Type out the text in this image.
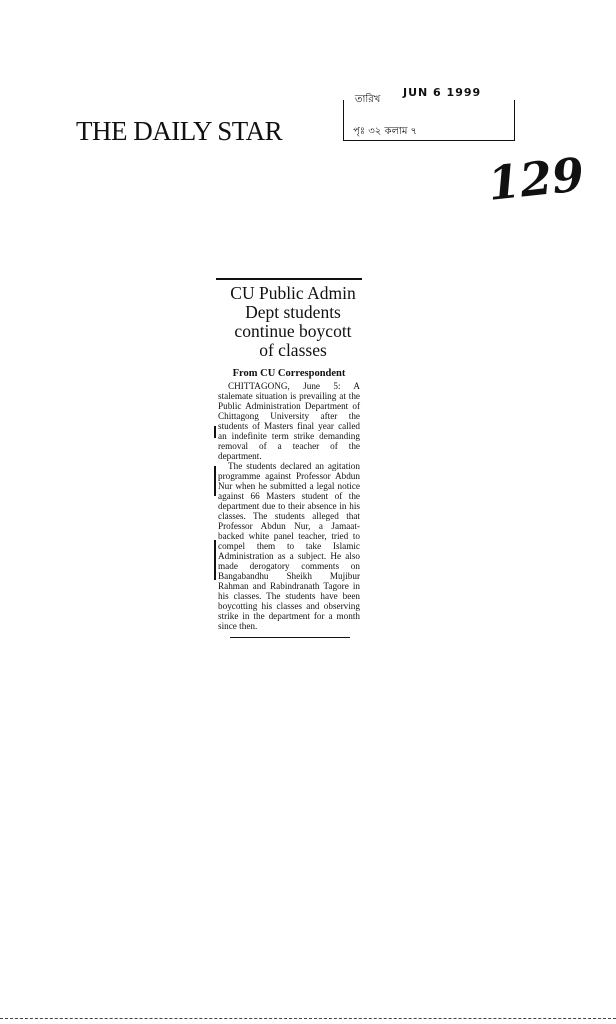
THE DAILY STAR
তারিখ
JUN 6 1999
পৃঃ ৩২ কলাম ৭
129
CU Public Admin
Dept students
continue boycott
of classes
From CU Correspondent

CHITTAGONG, June 5: A stalemate situation is prevailing at the Public Administration Department of Chittagong University after the students of Masters final year called an indefinite term strike demanding removal of a teacher of the department.

The students declared an agitation programme against Professor Abdun Nur when he submitted a legal notice against 66 Masters student of the department due to their absence in his classes. The students alleged that Professor Abdun Nur, a Jamaat-backed white panel teacher, tried to compel them to take Islamic Administration as a subject. He also made derogatory comments on Bangabandhu Sheikh Mujibur Rahman and Rabindranath Tagore in his classes. The students have been boycotting his classes and observing strike in the department for a month since then.
